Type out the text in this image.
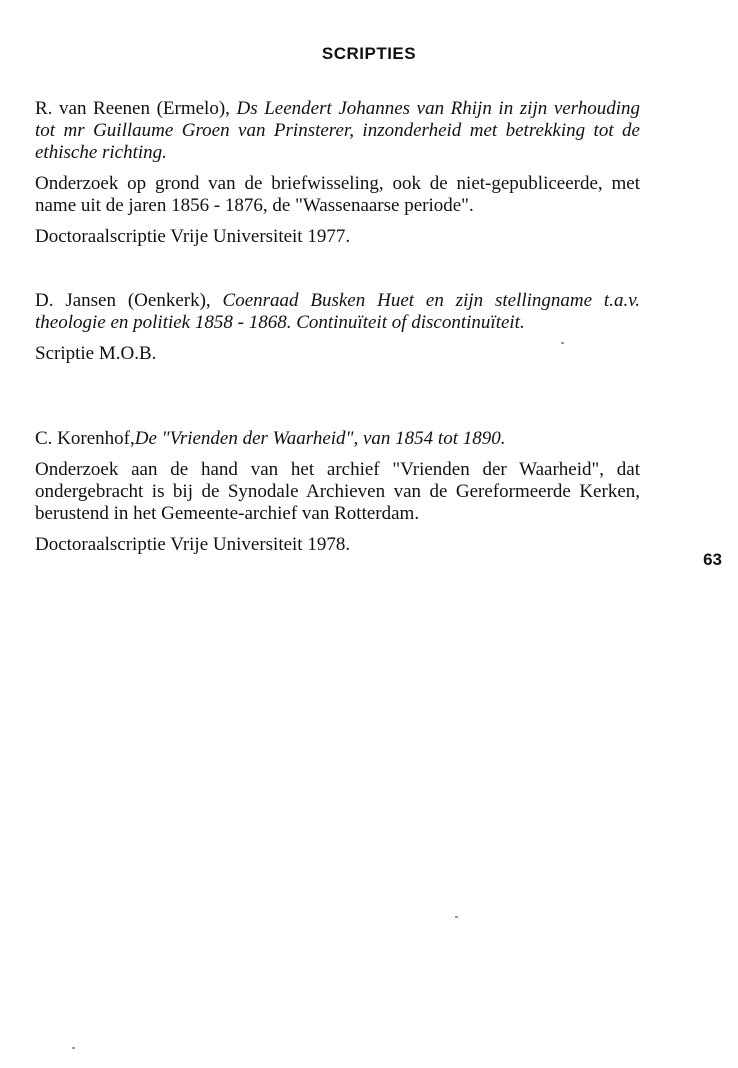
SCRIPTIES

R. van Reenen (Ermelo), Ds Leendert Johannes van Rhijn in zijn verhouding tot mr Guillaume Groen van Prinsterer, inzonderheid met betrekking tot de ethische richting.

Onderzoek op grond van de briefwisseling, ook de niet-gepubliceerde, met name uit de jaren 1856 - 1876, de "Wassenaarse periode".

Doctoraalscriptie Vrije Universiteit 1977.

D. Jansen (Oenkerk), Coenraad Busken Huet en zijn stellingname t.a.v. theologie en politiek 1858 - 1868. Continuïteit of discontinuïteit.

Scriptie M.O.B.

C. Korenhof,De "Vrienden der Waarheid", van 1854 tot 1890.

Onderzoek aan de hand van het archief "Vrienden der Waarheid", dat ondergebracht is bij de Synodale Archieven van de Gereformeerde Kerken, berustend in het Gemeente-archief van Rotterdam.

Doctoraalscriptie Vrije Universiteit 1978.

63
